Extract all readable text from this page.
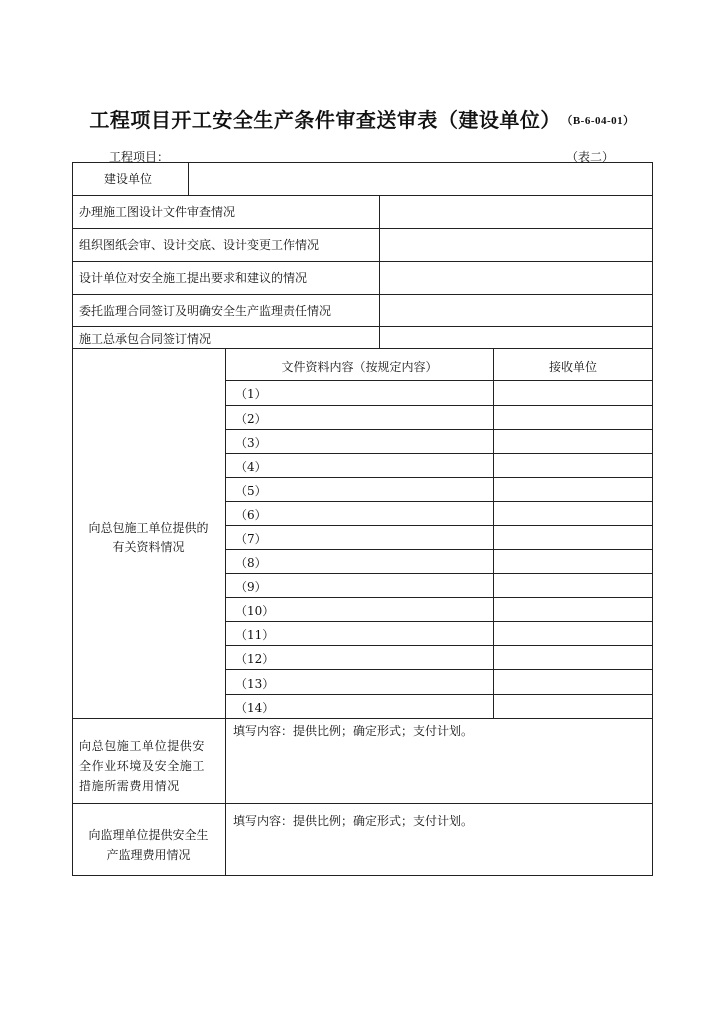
工程项目开工安全生产条件审查送审表（建设单位） （B-6-04-01）
工程项目：	（表二）
建设单位
办理施工图设计文件审查情况
组织图纸会审、设计交底、设计变更工作情况
设计单位对安全施工提出要求和建议的情况
委托监理合同签订及明确安全生产监理责任情况
施工总承包合同签订情况
向总包施工单位提供的
有关资料情况
文件资料内容（按规定内容）	接收单位
（1）
（2）
（3）
（4）
（5）
（6）
（7）
（8）
（9）
（10）
（11）
（12）
（13）
（14）
向总包施工单位提供安
全作业环境及安全施工
措施所需费用情况
填写内容：提供比例；确定形式；支付计划。
向监理单位提供安全生
产监理费用情况
填写内容：提供比例；确定形式；支付计划。
